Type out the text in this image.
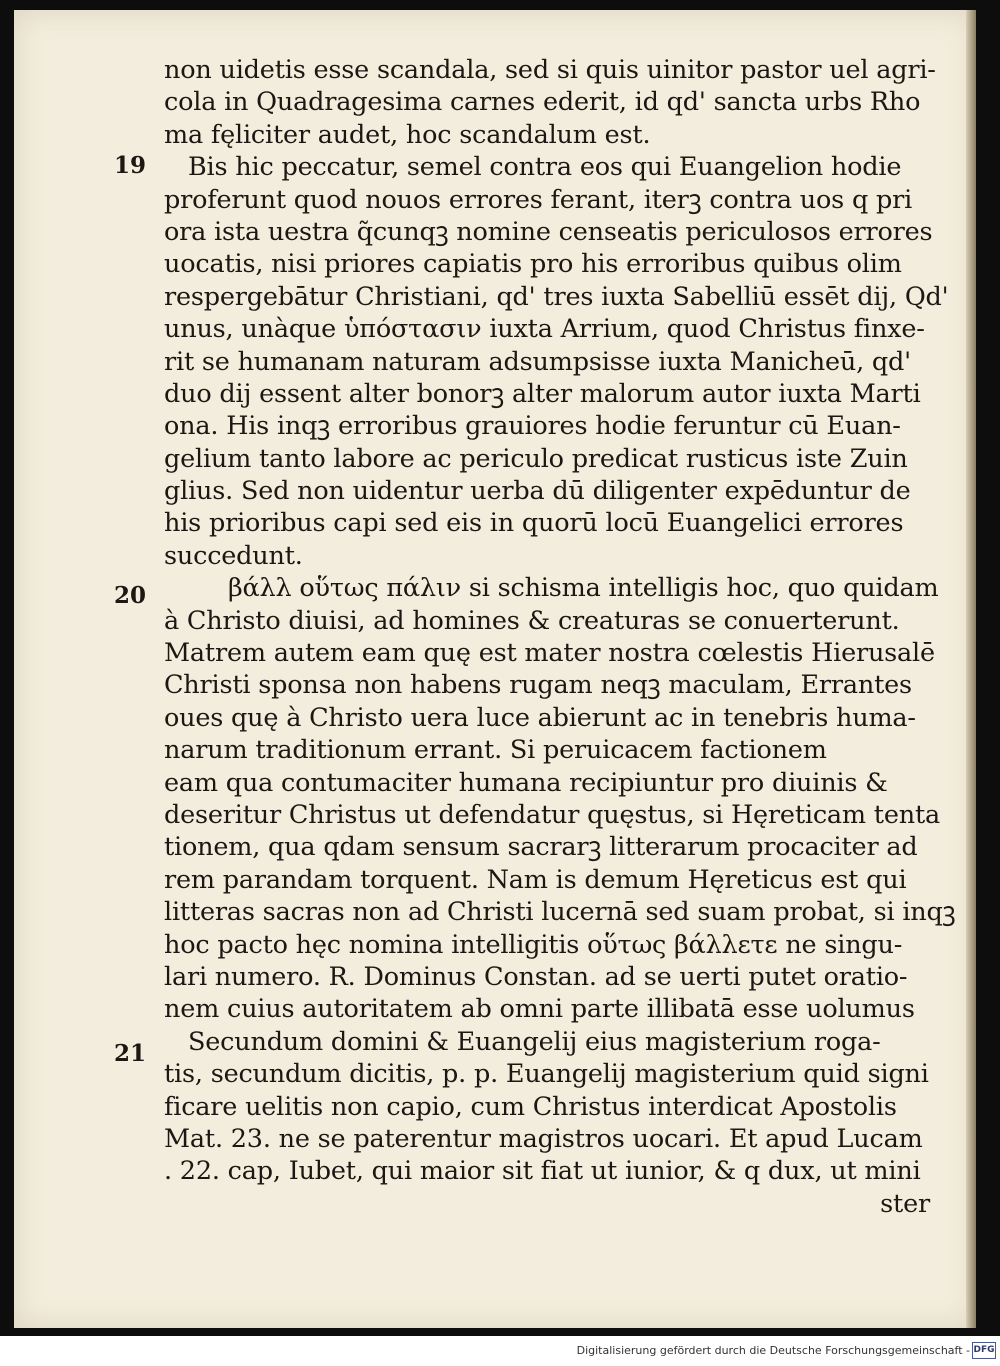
19
20
21
non uidetis esse scandala, sed si quis uinitor pastor uel agri-
cola in Quadragesima carnes ederit, id qd' sancta urbs Rho
ma fęliciter audet, hoc scandalum est.
Bis hic peccatur, semel contra eos qui Euangelion hodie
proferunt quod nouos errores ferant, iterꝫ contra uos q pri
ora ista uestra q̃cunqꝫ nomine censeatis periculosos errores
uocatis, nisi priores capiatis pro his erroribus quibus olim
respergebātur Christiani, qd' tres iuxta Sabelliū essēt dij, Qd'
unus, unàque ὑπόστασιν iuxta Arrium, quod Christus finxe-
rit se humanam naturam adsumpsisse iuxta Manicheū, qd'
duo dij essent alter bonorꝫ alter malorum autor iuxta Marti
ona. His inqꝫ erroribus grauiores hodie feruntur cū Euan-
gelium tanto labore ac periculo predicat rusticus iste Zuin
glius. Sed non uidentur uerba dū diligenter expēduntur de
his prioribus capi sed eis in quorū locū Euangelici errores
succedunt.
βάλλ οὕτως πάλιν si schisma intelligis hoc, quo quidam
à Christo diuisi, ad homines & creaturas se conuerterunt.
Matrem autem eam quę est mater nostra cœlestis Hierusalē
Christi sponsa non habens rugam neqꝫ maculam, Errantes
oues quę à Christo uera luce abierunt ac in tenebris huma-
narum traditionum errant. Si peruicacem factionem
eam qua contumaciter humana recipiuntur pro diuinis &
deseritur Christus ut defendatur quęstus, si Hęreticam tenta
tionem, qua qdam sensum sacrarꝫ litterarum procaciter ad
rem parandam torquent. Nam is demum Hęreticus est qui
litteras sacras non ad Christi lucernā sed suam probat, si inqꝫ
hoc pacto hęc nomina intelligitis οὕτως βάλλετε ne singu-
lari numero. R. Dominus Constan. ad se uerti putet oratio-
nem cuius autoritatem ab omni parte illibatā esse uolumus
Secundum domini & Euangelij eius magisterium roga-
tis, secundum dicitis, p. p. Euangelij magisterium quid signi
ficare uelitis non capio, cum Christus interdicat Apostolis
Mat. 23. ne se paterentur magistros uocari. Et apud Lucam
. 22. cap, Iubet, qui maior sit fiat ut iunior, & q dux, ut mini
ster
Digitalisierung gefördert durch die Deutsche Forschungsgemeinschaft - DFG
